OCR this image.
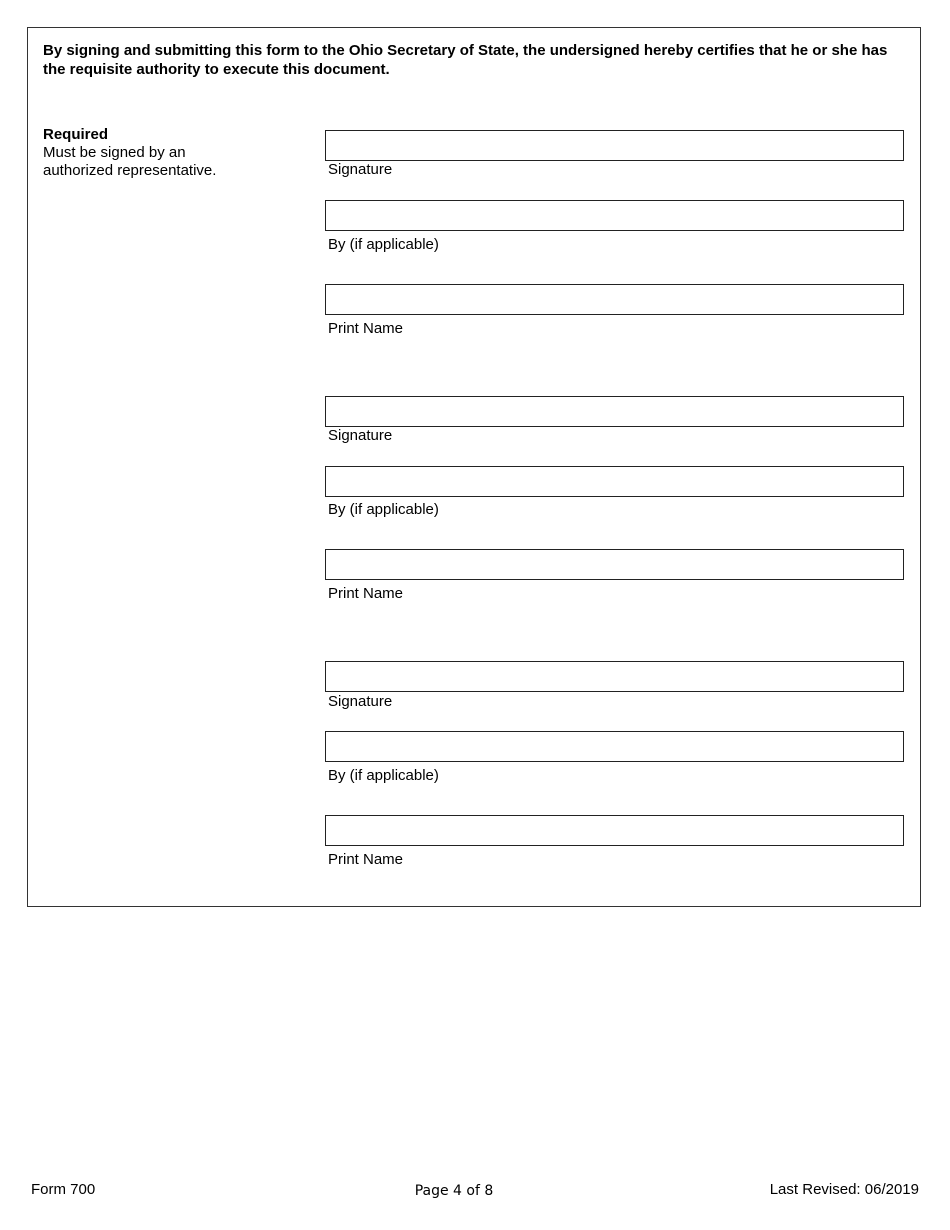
By signing and submitting this form to the Ohio Secretary of State, the undersigned hereby certifies that he or she has the requisite authority to execute this document.
Required
Must be signed by an authorized representative.	Signature
By (if applicable)
Print Name
Signature
By (if applicable)
Print Name
Signature
By (if applicable)
Print Name
Form 700	Page 4 of 8	Last Revised: 06/2019
